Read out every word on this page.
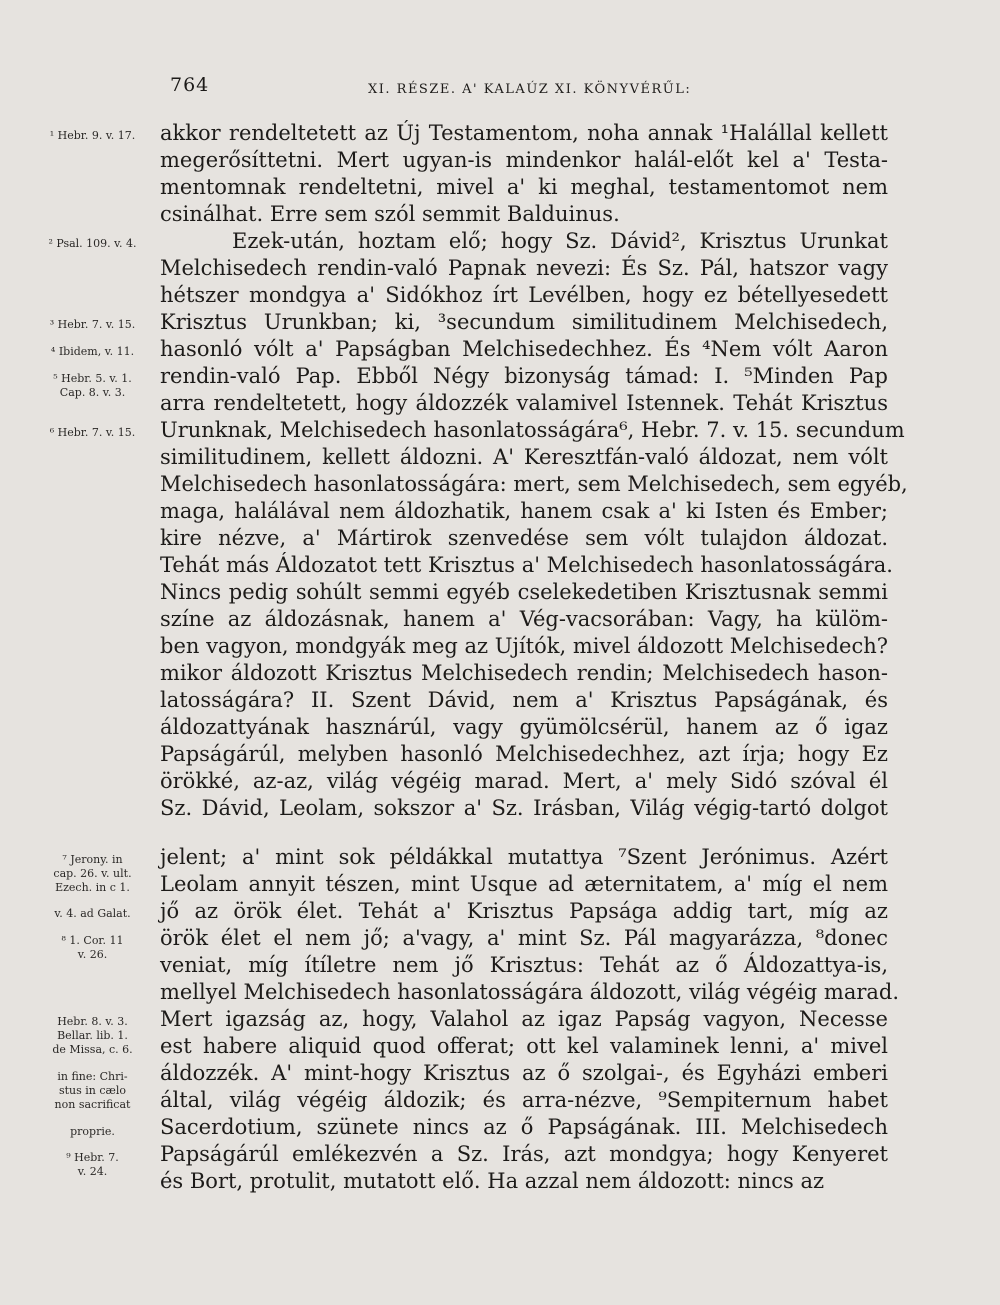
764	XI. RÉSZE. A' KALAÚZ XI. KÖNYVÉRŰL:
¹ Hebr. 9. v. 17.
² Psal. 109. v. 4.
³ Hebr. 7. v. 15.
⁴ Ibidem, v. 11.
⁵ Hebr. 5. v. 1.
Cap. 8. v. 3.
⁶ Hebr. 7. v. 15.
⁷ Jerony. in
cap. 26. v. ult.
Ezech. in c 1.
v. 4. ad Galat.
⁸ 1. Cor. 11
v. 26.
Hebr. 8. v. 3.
Bellar. lib. 1.
de Missa, c. 6.
in fine: Chri-
stus in cælo
non sacrificat
proprie.
⁹ Hebr. 7.
v. 24.
akkor rendeltetett az Új Testamentom, noha annak ¹Halállal kellett
megerősíttetni. Mert ugyan-is mindenkor halál-előt kel a' Testa-
mentomnak rendeltetni, mivel a' ki meghal, testamentomot nem
csinálhat. Erre sem szól semmit Balduinus.
Ezek-után, hoztam elő; hogy Sz. Dávid², Krisztus Urunkat
Melchisedech rendin-való Papnak nevezi: És Sz. Pál, hatszor vagy
hétszer mondgya a' Sidókhoz írt Levélben, hogy ez bétellyesedett
Krisztus Urunkban; ki, ³secundum similitudinem Melchisedech,
hasonló vólt a' Papságban Melchisedechhez. És ⁴Nem vólt Aaron
rendin-való Pap. Ebből Négy bizonyság támad: I. ⁵Minden Pap
arra rendeltetett, hogy áldozzék valamivel Istennek. Tehát Krisztus
Urunknak, Melchisedech hasonlatosságára⁶, Hebr. 7. v. 15. secundum
similitudinem, kellett áldozni. A' Keresztfán-való áldozat, nem vólt
Melchisedech hasonlatosságára: mert, sem Melchisedech, sem egyéb,
maga, halálával nem áldozhatik, hanem csak a' ki Isten és Ember;
kire nézve, a' Mártirok szenvedése sem vólt tulajdon áldozat.
Tehát más Áldozatot tett Krisztus a' Melchisedech hasonlatosságára.
Nincs pedig sohúlt semmi egyéb cselekedetiben Krisztusnak semmi
színe az áldozásnak, hanem a' Vég-vacsorában: Vagy, ha külöm-
ben vagyon, mondgyák meg az Ujítók, mivel áldozott Melchisedech?
mikor áldozott Krisztus Melchisedech rendin; Melchisedech hason-
latosságára? II. Szent Dávid, nem a' Krisztus Papságának, és
áldozattyának hasznárúl, vagy gyümölcsérül, hanem az ő igaz
Papságárúl, melyben hasonló Melchisedechhez, azt írja; hogy Ez
örökké, az-az, világ végéig marad. Mert, a' mely Sidó szóval él
Sz. Dávid, Leolam, sokszor a' Sz. Irásban, Világ végig-tartó dolgot
jelent; a' mint sok példákkal mutattya ⁷Szent Jerónimus. Azért
Leolam annyit tészen, mint Usque ad æternitatem, a' míg el nem
jő az örök élet. Tehát a' Krisztus Papsága addig tart, míg az
örök élet el nem jő; a'vagy, a' mint Sz. Pál magyarázza, ⁸donec
veniat, míg ítíletre nem jő Krisztus: Tehát az ő Áldozattya-is,
mellyel Melchisedech hasonlatosságára áldozott, világ végéig marad.
Mert igazság az, hogy, Valahol az igaz Papság vagyon, Necesse
est habere aliquid quod offerat; ott kel valaminek lenni, a' mivel
áldozzék. A' mint-hogy Krisztus az ő szolgai-, és Egyházi emberi
által, világ végéig áldozik; és arra-nézve, ⁹Sempiternum habet
Sacerdotium, szünete nincs az ő Papságának. III. Melchisedech
Papságárúl emlékezvén a Sz. Irás, azt mondgya; hogy Kenyeret
és Bort, protulit, mutatott elő. Ha azzal nem áldozott: nincs az
